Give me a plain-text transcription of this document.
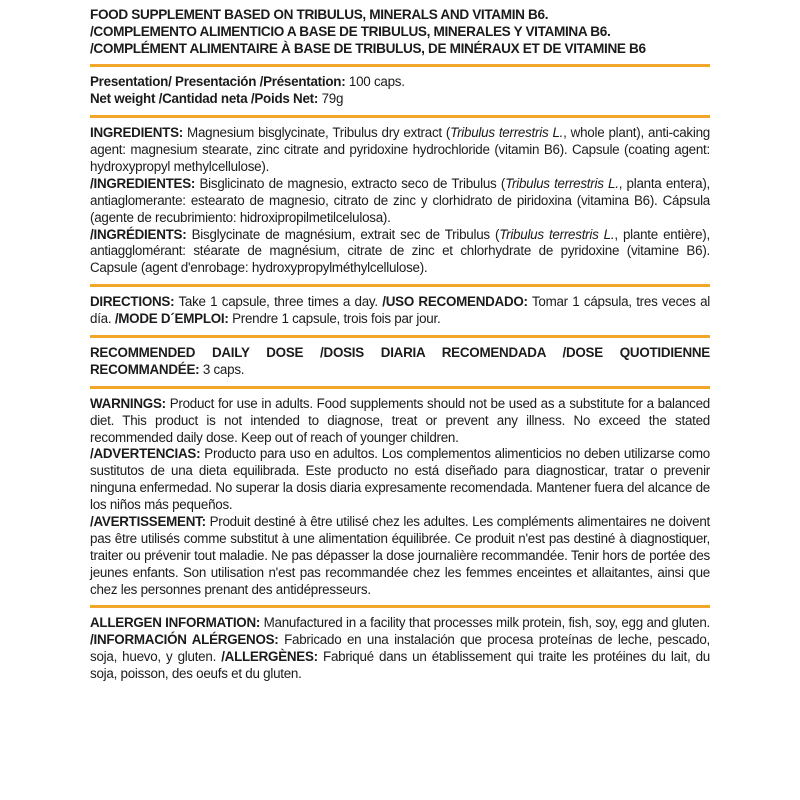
FOOD SUPPLEMENT BASED ON TRIBULUS, MINERALS AND VITAMIN B6.

/COMPLEMENTO ALIMENTICIO A BASE DE TRIBULUS, MINERALES Y VITAMINA B6.

/COMPLÉMENT ALIMENTAIRE À BASE DE TRIBULUS, DE MINÉRAUX ET DE VITAMINE B6

Presentation/ Presentación /Présentation: 100 caps.

Net weight /Cantidad neta /Poids Net: 79g

INGREDIENTS: Magnesium bisglycinate, Tribulus dry extract (Tribulus terrestris L., whole plant), anti-caking agent: magnesium stearate, zinc citrate and pyridoxine hydrochloride (vitamin B6). Capsule (coating agent: hydroxypropyl methylcellulose).

/INGREDIENTES: Bisglicinato de magnesio, extracto seco de Tribulus (Tribulus terrestris L., planta entera), antiaglomerante: estearato de magnesio, citrato de zinc y clorhidrato de piridoxina (vitamina B6). Cápsula (agente de recubrimiento: hidroxipropilmetilcelulosa).

/INGRÉDIENTS: Bisglycinate de magnésium, extrait sec de Tribulus (Tribulus terrestris L., plante entière), antiagglomérant: stéarate de magnésium, citrate de zinc et chlorhydrate de pyridoxine (vitamine B6). Capsule (agent d'enrobage: hydroxypropylméthylcellulose).

DIRECTIONS: Take 1 capsule, three times a day. /USO RECOMENDADO: Tomar 1 cápsula, tres veces al día. /MODE D´EMPLOI: Prendre 1 capsule, trois fois par jour.

RECOMMENDED DAILY DOSE /DOSIS DIARIA RECOMENDADA /DOSE QUOTIDIENNE RECOMMANDÉE: 3 caps.

WARNINGS: Product for use in adults. Food supplements should not be used as a substitute for a balanced diet. This product is not intended to diagnose, treat or prevent any illness. No exceed the stated recommended daily dose. Keep out of reach of younger children.

/ADVERTENCIAS: Producto para uso en adultos. Los complementos alimenticios no deben utilizarse como sustitutos de una dieta equilibrada. Este producto no está diseñado para diagnosticar, tratar o prevenir ninguna enfermedad. No superar la dosis diaria expresamente recomendada. Mantener fuera del alcance de los niños más pequeños.

/AVERTISSEMENT: Produit destiné à être utilisé chez les adultes. Les compléments alimentaires ne doivent pas être utilisés comme substitut à une alimentation équilibrée. Ce produit n'est pas destiné à diagnostiquer, traiter ou prévenir tout maladie. Ne pas dépasser la dose journalière recommandée. Tenir hors de portée des jeunes enfants. Son utilisation n'est pas recommandée chez les femmes enceintes et allaitantes, ainsi que chez les personnes prenant des antidépresseurs.

ALLERGEN INFORMATION: Manufactured in a facility that processes milk protein, fish, soy, egg and gluten. /INFORMACIÓN ALÉRGENOS: Fabricado en una instalación que procesa proteínas de leche, pescado, soja, huevo, y gluten. /ALLERGÈNES: Fabriqué dans un établissement qui traite les protéines du lait, du soja, poisson, des oeufs et du gluten.
